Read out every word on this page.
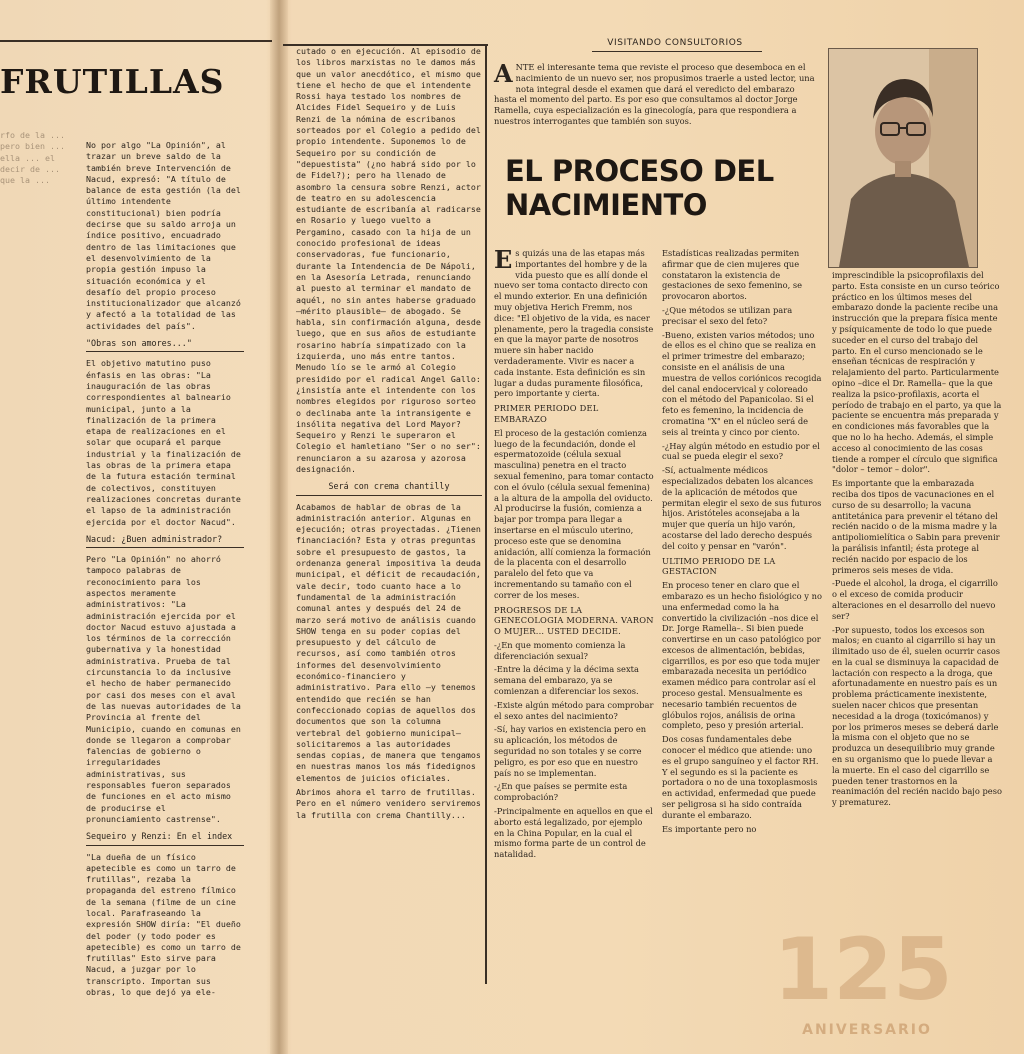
FRUTILLAS

rfo de la ... pero bien ... ella ... el decir de ... que la ...

No por algo "La Opinión", al trazar un breve saldo de la también breve Intervención de Nacud, expresó: "A título de balance de esta gestión (la del último intendente constitucional) bien podría decirse que su saldo arroja un índice positivo, encuadrado dentro de las limitaciones que el desenvolvimiento de la propia gestión impuso la situación económica y el desafío del propio proceso institucionalizador que alcanzó y afectó a la totalidad de las actividades del país".

"Obras son amores..."

El objetivo matutino puso énfasis en las obras: "La inauguración de las obras correspondientes al balneario municipal, junto a la finalización de la primera etapa de realizaciones en el solar que ocupará el parque industrial y la finalización de las obras de la primera etapa de la futura estación terminal de colectivos, constituyen realizaciones concretas durante el lapso de la administración ejercida por el doctor Nacud".

Nacud: ¿Buen administrador?

Pero "La Opinión" no ahorró tampoco palabras de reconocimiento para los aspectos meramente administrativos: "La administración ejercida por el doctor Nacud estuvo ajustada a los términos de la corrección gubernativa y la honestidad administrativa. Prueba de tal circunstancia lo da inclusive el hecho de haber permanecido por casi dos meses con el aval de las nuevas autoridades de la Provincia al frente del Municipio, cuando en comunas en donde se llegaron a comprobar falencias de gobierno o irregularidades administrativas, sus responsables fueron separados de funciones en el acto mismo de producirse el pronunciamiento castrense".

Sequeiro y Renzi: En el index

"La dueña de un físico apetecible es como un tarro de frutillas", rezaba la propaganda del estreno fílmico de la semana (filme de un cine local. Parafraseando la expresión SHOW diría: "El dueño del poder (y todo poder es apetecible) es como un tarro de frutillas" Esto sirve para Nacud, a juzgar por lo transcripto. Importan sus obras, lo que dejó ya ele-

cutado o en ejecución. Al episodio de los libros marxistas no le damos más que un valor anecdótico, el mismo que tiene el hecho de que el intendente Rossi haya testado los nombres de Alcides Fidel Sequeiro y de Luis Renzi de la nómina de escribanos sorteados por el Colegio a pedido del propio intendente. Suponemos lo de Sequeiro por su condición de "depuestista" (¿no habrá sido por lo de Fidel?); pero ha llenado de asombro la censura sobre Renzi, actor de teatro en su adolescencia estudiante de escribanía al radicarse en Rosario y luego vuelto a Pergamino, casado con la hija de un conocido profesional de ideas conservadoras, fue funcionario, durante la Intendencia de De Nápoli, en la Asesoría Letrada, renunciando al puesto al terminar el mandato de aquél, no sin antes haberse graduado –mérito plausible– de abogado. Se habla, sin confirmación alguna, desde luego, que en sus años de estudiante rosarino habría simpatizado con la izquierda, uno más entre tantos. Menudo lío se le armó al Colegio presidido por el radical Angel Gallo: ¿insistía ante el intendente con los nombres elegidos por riguroso sorteo o declinaba ante la intransigente e insólita negativa del Lord Mayor? Sequeiro y Renzi le superaron el Colegio el hamletiano "Ser o no ser": renunciaron a su azarosa y azorosa designación.

Será con crema chantilly

Acabamos de hablar de obras de la administración anterior. Algunas en ejecución; otras proyectadas. ¿Tienen financiación? Esta y otras preguntas sobre el presupuesto de gastos, la ordenanza general impositiva la deuda municipal, el déficit de recaudación, vale decir, todo cuanto hace a lo fundamental de la administración comunal antes y después del 24 de marzo será motivo de análisis cuando SHOW tenga en su poder copias del presupuesto y del cálculo de recursos, así como también otros informes del desenvolvimiento económico-financiero y administrativo. Para ello –y tenemos entendido que recién se han confeccionado copias de aquellos dos documentos que son la columna vertebral del gobierno municipal– solicitaremos a las autoridades sendas copias, de manera que tengamos en nuestras manos los más fidedignos elementos de juicios oficiales.

Abrimos ahora el tarro de frutillas. Pero en el número venidero serviremos la frutilla con crema Chantilly...

VISITANDO CONSULTORIOS
A NTE el interesante tema que reviste el proceso que desemboca en el nacimiento de un nuevo ser, nos propusimos traerle a usted lector, una nota integral desde el examen que dará el veredicto del embarazo hasta el momento del parto. Es por eso que consultamos al doctor Jorge Ramella, cuya especialización es la ginecología, para que respondiera a nuestros interrogantes que también son suyos.

EL PROCESO DEL NACIMIENTO
E s quizás una de las etapas más importantes del hombre y de la vida puesto que es allí donde el nuevo ser toma contacto directo con el mundo exterior. En una definición muy objetiva Herich Fremm, nos dice: "El objetivo de la vida, es nacer plenamente, pero la tragedia consiste en que la mayor parte de nosotros muere sin haber nacido verdaderamente. Vivir es nacer a cada instante. Esta definición es sin lugar a dudas puramente filosófica, pero importante y cierta.

PRIMER PERIODO DEL EMBARAZO

El proceso de la gestación comienza luego de la fecundación, donde el espermatozoide (célula sexual masculina) penetra en el tracto sexual femenino, para tomar contacto con el óvulo (célula sexual femenina) a la altura de la ampolla del oviducto. Al producirse la fusión, comienza a bajar por trompa para llegar a insertarse en el músculo uterino, proceso este que se denomina anidación, allí comienza la formación de la placenta con el desarrollo paralelo del feto que va incrementando su tamaño con el correr de los meses.

PROGRESOS DE LA GENECOLOGIA MODERNA. VARON O MUJER... USTED DECIDE.

-¿En que momento comienza la diferenciación sexual?

-Entre la décima y la décima sexta semana del embarazo, ya se comienzan a diferenciar los sexos.

-Existe algún método para comprobar el sexo antes del nacimiento?

-Sí, hay varios en existencia pero en su aplicación, los métodos de seguridad no son totales y se corre peligro, es por eso que en nuestro país no se implementan.

-¿En que países se permite esta comprobación?

-Principalmente en aquellos en que el aborto está legalizado, por ejemplo en la China Popular, en la cual el mismo forma parte de un control de natalidad.

Estadísticas realizadas permiten afirmar que de cien mujeres que constataron la existencia de gestaciones de sexo femenino, se provocaron abortos.

-¿Que métodos se utilizan para precisar el sexo del feto?

-Bueno, existen varios métodos; uno de ellos es el chino que se realiza en el primer trimestre del embarazo; consiste en el análisis de una muestra de vellos coriónicos recogida del canal endocervical y coloreado con el método del Papanicolao. Si el feto es femenino, la incidencia de cromatina "X" en el núcleo será de seis al treinta y cinco por ciento.

-¿Hay algún método en estudio por el cual se pueda elegir el sexo?

-Sí, actualmente médicos especializados debaten los alcances de la aplicación de métodos que permitan elegir el sexo de sus futuros hijos. Aristóteles aconsejaba a la mujer que quería un hijo varón, acostarse del lado derecho después del coito y pensar en "varón".

ULTIMO PERIODO DE LA GESTACION

En proceso tener en claro que el embarazo es un hecho fisiológico y no una enfermedad como la ha convertido la civilización –nos dice el Dr. Jorge Ramella–. Si bien puede convertirse en un caso patológico por excesos de alimentación, bebidas, cigarrillos, es por eso que toda mujer embarazada necesita un periódico examen médico para controlar así el proceso gestal. Mensualmente es necesario también recuentos de glóbulos rojos, análisis de orina completo, peso y presión arterial.

Dos cosas fundamentales debe conocer el médico que atiende: uno es el grupo sanguíneo y el factor RH. Y el segundo es si la paciente es portadora o no de una toxoplasmosis en actividad, enfermedad que puede ser peligrosa si ha sido contraída durante el embarazo.

Es importante pero no

125
ANIVERSARIO

imprescindible la psicoprofilaxis del parto. Esta consiste en un curso teórico práctico en los últimos meses del embarazo donde la paciente recibe una instrucción que la prepara física mente y psíquicamente de todo lo que puede suceder en el curso del trabajo del parto. En el curso mencionado se le enseñan técnicas de respiración y relajamiento del parto. Particularmente opino –dice el Dr. Ramella– que la que realiza la psico-profilaxis, acorta el período de trabajo en el parto, ya que la paciente se encuentra más preparada y en condiciones más favorables que la que no lo ha hecho. Además, el simple acceso al conocimiento de las cosas tiende a romper el círculo que significa "dolor – temor – dolor".

Es importante que la embarazada reciba dos tipos de vacunaciones en el curso de su desarrollo; la vacuna antitetánica para prevenir el tétano del recién nacido o de la misma madre y la antipoliomielítica o Sabin para prevenir la parálisis infantil; ésta protege al recién nacido por espacio de los primeros seis meses de vida.

-Puede el alcohol, la droga, el cigarrillo o el exceso de comida producir alteraciones en el desarrollo del nuevo ser?

-Por supuesto, todos los excesos son malos; en cuanto al cigarrillo si hay un ilimitado uso de él, suelen ocurrir casos en la cual se disminuya la capacidad de lactación con respecto a la droga, que afortunadamente en nuestro país es un problema prácticamente inexistente, suelen nacer chicos que presentan necesidad a la droga (toxicómanos) y por los primeros meses se deberá darle la misma con el objeto que no se produzca un desequilibrio muy grande en su organismo que lo puede llevar a la muerte. En el caso del cigarrillo se pueden tener trastornos en la reanimación del recién nacido bajo peso y prematurez.
